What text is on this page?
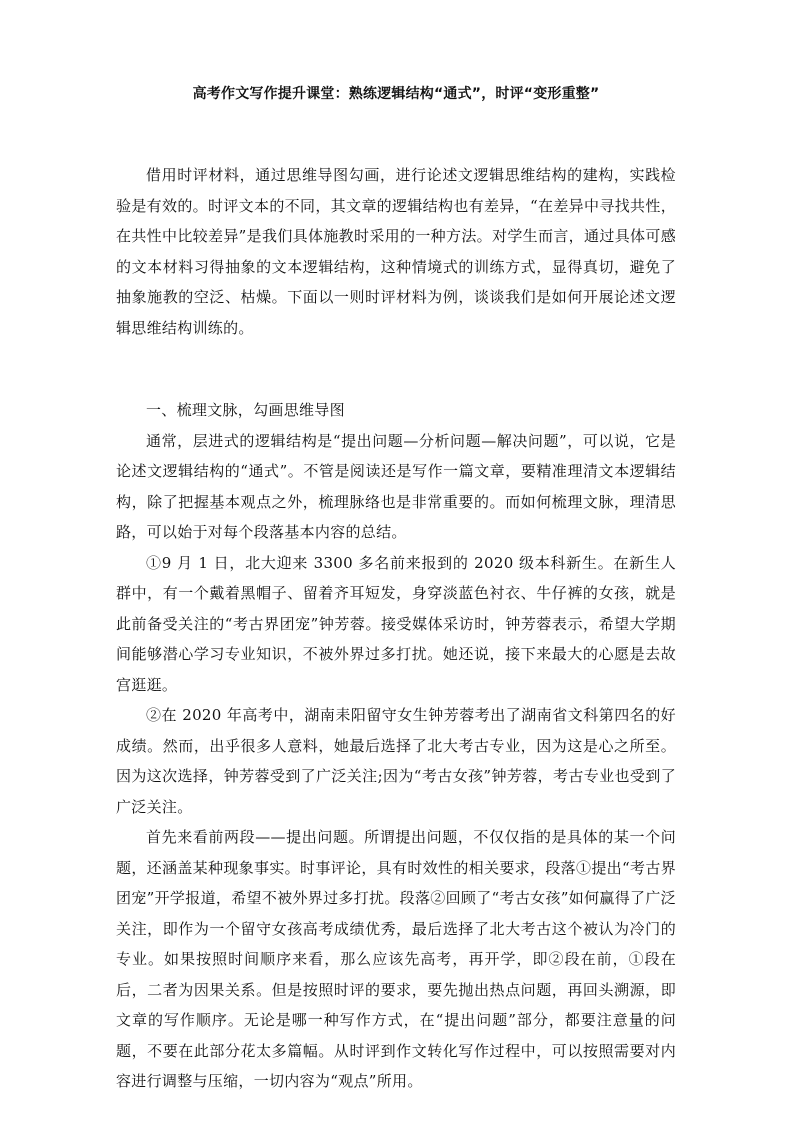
高考作文写作提升课堂：熟练逻辑结构“通式”，时评“变形重整”

借用时评材料，通过思维导图勾画，进行论述文逻辑思维结构的建构，实践检验是有效的。时评文本的不同，其文章的逻辑结构也有差异，“在差异中寻找共性，在共性中比较差异”是我们具体施教时采用的一种方法。对学生而言，通过具体可感的文本材料习得抽象的文本逻辑结构，这种情境式的训练方式，显得真切，避免了抽象施教的空泛、枯燥。下面以一则时评材料为例，谈谈我们是如何开展论述文逻辑思维结构训练的。

一、梳理文脉，勾画思维导图

通常，层进式的逻辑结构是“提出问题—分析问题—解决问题”，可以说，它是论述文逻辑结构的“通式”。不管是阅读还是写作一篇文章，要精准理清文本逻辑结构，除了把握基本观点之外，梳理脉络也是非常重要的。而如何梳理文脉，理清思路，可以始于对每个段落基本内容的总结。

①9 月 1 日，北大迎来 3300 多名前来报到的 2020 级本科新生。在新生人群中，有一个戴着黑帽子、留着齐耳短发，身穿淡蓝色衬衣、牛仔裤的女孩，就是此前备受关注的“考古界团宠”钟芳蓉。接受媒体采访时，钟芳蓉表示，希望大学期间能够潜心学习专业知识，不被外界过多打扰。她还说，接下来最大的心愿是去故宫逛逛。

②在 2020 年高考中，湖南耒阳留守女生钟芳蓉考出了湖南省文科第四名的好成绩。然而，出乎很多人意料，她最后选择了北大考古专业，因为这是心之所至。因为这次选择，钟芳蓉受到了广泛关注;因为“考古女孩”钟芳蓉，考古专业也受到了广泛关注。

首先来看前两段——提出问题。所谓提出问题，不仅仅指的是具体的某一个问题，还涵盖某种现象事实。时事评论，具有时效性的相关要求，段落①提出“考古界团宠”开学报道，希望不被外界过多打扰。段落②回顾了“考古女孩”如何赢得了广泛关注，即作为一个留守女孩高考成绩优秀，最后选择了北大考古这个被认为冷门的专业。如果按照时间顺序来看，那么应该先高考，再开学，即②段在前，①段在后，二者为因果关系。但是按照时评的要求，要先抛出热点问题，再回头溯源，即文章的写作顺序。无论是哪一种写作方式，在“提出问题”部分，都要注意量的问题，不要在此部分花太多篇幅。从时评到作文转化写作过程中，可以按照需要对内容进行调整与压缩，一切内容为“观点”所用。
